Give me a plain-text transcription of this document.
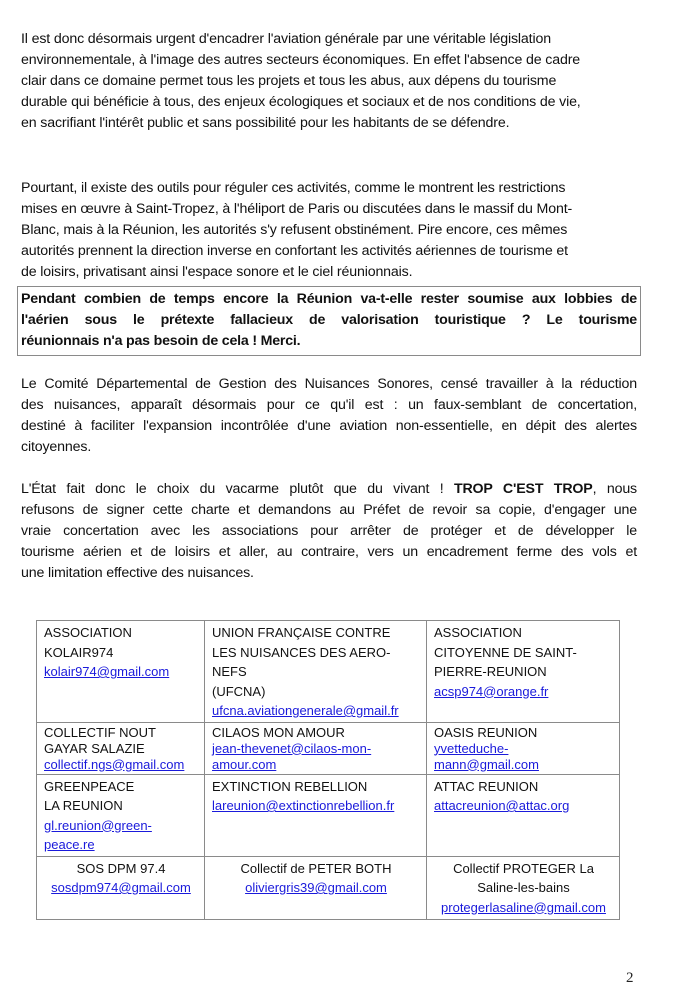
Il est donc désormais urgent d'encadrer l'aviation générale par une véritable législation
environnementale, à l'image des autres secteurs économiques. En effet l'absence de cadre
clair dans ce domaine permet tous les projets et tous les abus, aux dépens du tourisme
durable qui bénéficie à tous, des enjeux écologiques et sociaux et de nos conditions de vie,
en sacrifiant l'intérêt public et sans possibilité pour les habitants de se défendre.

Pourtant, il existe des outils pour réguler ces activités, comme le montrent les restrictions
mises en œuvre à Saint-Tropez, à l'héliport de Paris ou discutées dans le massif du Mont-
Blanc, mais à la Réunion, les autorités s'y refusent obstinément. Pire encore, ces mêmes
autorités prennent la direction inverse en confortant les activités aériennes de tourisme et
de loisirs, privatisant ainsi l'espace sonore et le ciel réunionnais.

Pendant combien de temps encore la Réunion va-t-elle rester soumise aux lobbies de
l'aérien sous le prétexte fallacieux de valorisation touristique ? Le tourisme
réunionnais n'a pas besoin de cela ! Merci.

Le Comité Départemental de Gestion des Nuisances Sonores, censé travailler à la réduction
des nuisances, apparaît désormais pour ce qu'il est : un faux-semblant de concertation,
destiné à faciliter l'expansion incontrôlée d'une aviation non-essentielle, en dépit des alertes
citoyennes.

L'État fait donc le choix du vacarme plutôt que du vivant ! TROP C'EST TROP, nous
refusons de signer cette charte et demandons au Préfet de revoir sa copie, d'engager une
vraie concertation avec les associations pour arrêter de protéger et de développer le
tourisme aérien et de loisirs et aller, au contraire, vers un encadrement ferme des vols et
une limitation effective des nuisances.

ASSOCIATION
KOLAIR974
kolair974@gmail.com	UNION FRANÇAISE CONTRE
LES NUISANCES DES AERO-
NEFS
(UFCNA)
ufcna.aviationgenerale@gmail.fr	ASSOCIATION
CITOYENNE DE SAINT-
PIERRE-REUNION
acsp974@orange.fr

COLLECTIF NOUT
GAYAR SALAZIE
collectif.ngs@gmail.com	CILAOS MON AMOUR
jean-thevenet@cilaos-mon-
amour.com	OASIS REUNION
yvetteduche-
mann@gmail.com

GREENPEACE
LA REUNION
gl.reunion@green-
peace.re	EXTINCTION REBELLION
lareunion@extinctionrebellion.fr	ATTAC REUNION
attacreunion@attac.org

SOS DPM 97.4
sosdpm974@gmail.com	Collectif de PETER BOTH
oliviergris39@gmail.com	Collectif PROTEGER La
Saline-les-bains
protegerlasaline@gmail.com
2
